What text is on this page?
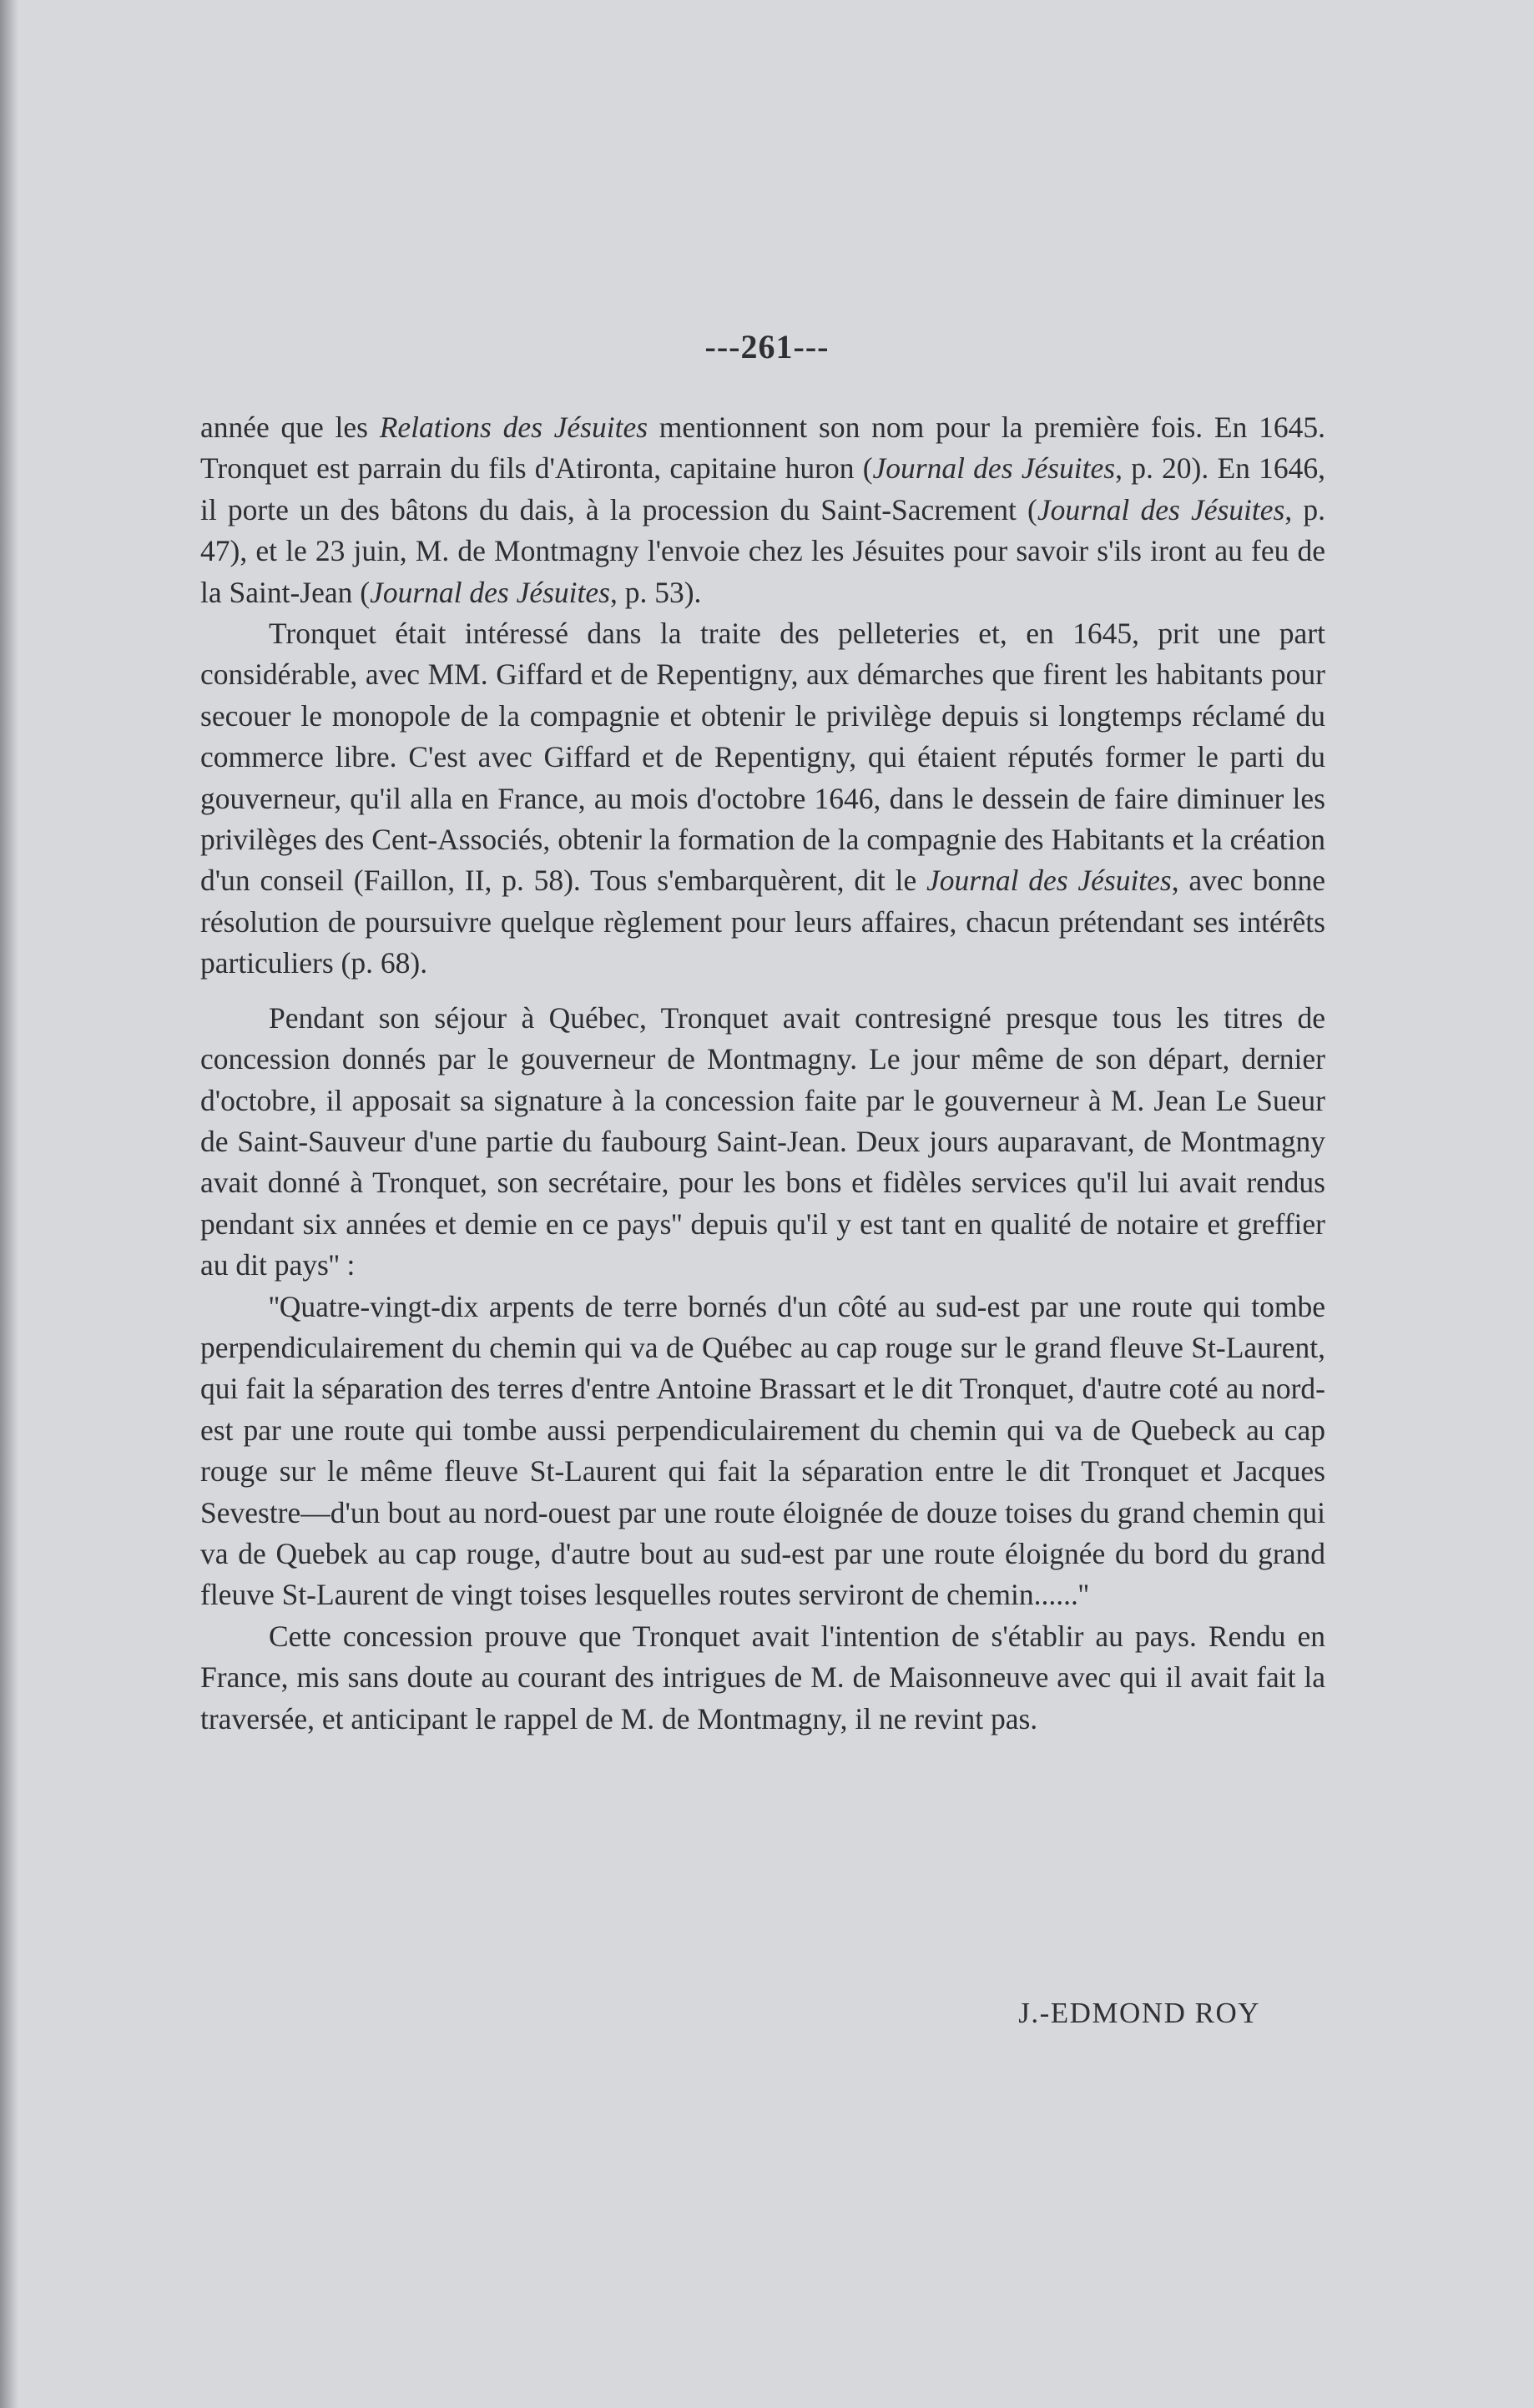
---261---

année que les Relations des Jésuites mentionnent son nom pour la première fois. En 1645. Tronquet est parrain du fils d'Atironta, capitaine huron (Journal des Jésuites, p. 20). En 1646, il porte un des bâtons du dais, à la procession du Saint-Sacrement (Journal des Jésuites, p. 47), et le 23 juin, M. de Montmagny l'envoie chez les Jésuites pour savoir s'ils iront au feu de la Saint-Jean (Journal des Jésuites, p. 53).

Tronquet était intéressé dans la traite des pelleteries et, en 1645, prit une part considérable, avec MM. Giffard et de Repentigny, aux démarches que firent les habitants pour secouer le monopole de la compagnie et obtenir le privilège depuis si longtemps réclamé du commerce libre. C'est avec Giffard et de Repentigny, qui étaient réputés former le parti du gouverneur, qu'il alla en France, au mois d'octobre 1646, dans le dessein de faire diminuer les privilèges des Cent-Associés, obtenir la formation de la compagnie des Habitants et la création d'un conseil (Faillon, II, p. 58). Tous s'embarquèrent, dit le Journal des Jésuites, avec bonne résolution de poursuivre quelque règlement pour leurs affaires, chacun prétendant ses intérêts particuliers (p. 68).

Pendant son séjour à Québec, Tronquet avait contresigné presque tous les titres de concession donnés par le gouverneur de Montmagny. Le jour même de son départ, dernier d'octobre, il apposait sa signature à la concession faite par le gouverneur à M. Jean Le Sueur de Saint-Sauveur d'une partie du faubourg Saint-Jean. Deux jours auparavant, de Montmagny avait donné à Tronquet, son secrétaire, pour les bons et fidèles services qu'il lui avait rendus pendant six années et demie en ce pays'' depuis qu'il y est tant en qualité de notaire et greffier au dit pays'' :

''Quatre-vingt-dix arpents de terre bornés d'un côté au sud-est par une route qui tombe perpendiculairement du chemin qui va de Québec au cap rouge sur le grand fleuve St-Laurent, qui fait la séparation des terres d'entre Antoine Brassart et le dit Tronquet, d'autre coté au nord-est par une route qui tombe aussi perpendiculairement du chemin qui va de Quebeck au cap rouge sur le même fleuve St-Laurent qui fait la séparation entre le dit Tronquet et Jacques Sevestre—d'un bout au nord-ouest par une route éloignée de douze toises du grand chemin qui va de Quebek au cap rouge, d'autre bout au sud-est par une route éloignée du bord du grand fleuve St-Laurent de vingt toises lesquelles routes serviront de chemin......''

Cette concession prouve que Tronquet avait l'intention de s'établir au pays. Rendu en France, mis sans doute au courant des intrigues de M. de Maisonneuve avec qui il avait fait la traversée, et anticipant le rappel de M. de Montmagny, il ne revint pas.

J.-EDMOND ROY
